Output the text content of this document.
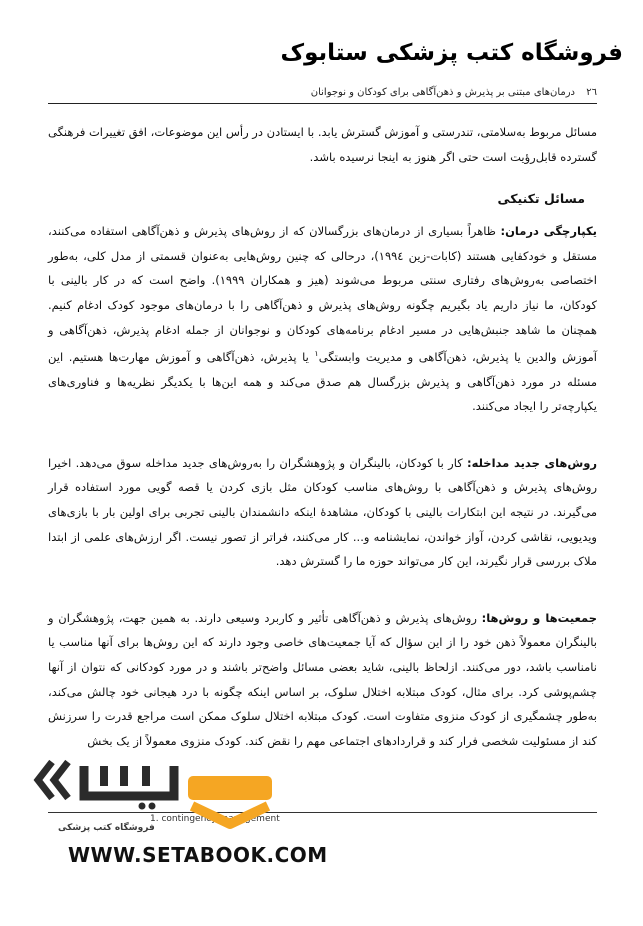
فروشگاه کتب پزشکی ستابوک
٢٦
درمان‌های مبتنی بر پذیرش و ذهن‌آگاهی برای کودکان و نوجوانان

مسائل مربوط به‌سلامتی، تندرستی و آموزش گسترش یابد. با ایستادن در رأس این موضوعات، افق تغییرات فرهنگی گسترده قابل‌رؤیت است حتی اگر هنوز به اینجا نرسیده باشد.

مسائل تکنیکی

یکپارچگی درمان: ظاهراً بسیاری از درمان‌های بزرگسالان که از روش‌های پذیرش و ذهن‌آگاهی استفاده می‌کنند، مستقل و خودکفایی هستند (کابات-زین ١٩٩٤)، درحالی که چنین روش‌هایی به‌عنوان قسمتی از مدل کلی، به‌طور اختصاصی به‌روش‌های رفتاری سنتی مربوط می‌شوند (هیز و همکاران ١٩٩٩). واضح است که در کار بالینی با کودکان، ما نیاز داریم یاد بگیریم چگونه روش‌های پذیرش و ذهن‌آگاهی را با درمان‌های موجود کودک ادغام کنیم. همچنان ما شاهد جنبش‌هایی در مسیر ادغام برنامه‌های کودکان و نوجوانان از جمله ادغام پذیرش، ذهن‌آگاهی و آموزش والدین یا پذیرش، ذهن‌آگاهی و مدیریت وابستگی$^١$ یا پذیرش، ذهن‌آگاهی و آموزش مهارت‌ها هستیم. این مسئله در مورد ذهن‌آگاهی و پذیرش بزرگسال هم صدق می‌کند و همه این‌ها با یکدیگر نظریه‌ها و فناوری‌های یکپارچه‌تر را ایجاد می‌کنند.

روش‌های جدید مداخله: کار با کودکان، بالینگران و پژوهشگران را به‌روش‌های جدید مداخله سوق می‌دهد. اخیرا روش‌های پذیرش و ذهن‌آگاهی با روش‌های مناسب کودکان مثل بازی کردن یا قصه گویی مورد استفاده قرار می‌گیرند. در نتیجه این ابتکارات بالینی با کودکان، مشاهدهٔ اینکه دانشمندان بالینی تجربی برای اولین بار با بازی‌های ویدیویی، نقاشی کردن، آواز خواندن، نمایشنامه و... کار می‌کنند، فراتر از تصور نیست. اگر ارزش‌های علمی از ابتدا ملاک بررسی قرار نگیرند، این کار می‌تواند حوزه ما را گسترش دهد.

جمعیت‌ها و روش‌ها: روش‌های پذیرش و ذهن‌آگاهی تأثیر و کاربرد وسیعی دارند. به همین جهت، پژوهشگران و بالینگران معمولاً ذهن خود را از این سؤال که آیا جمعیت‌های خاصی وجود دارند که این روش‌ها برای آنها مناسب یا نامناسب باشد، دور می‌کنند. ازلحاظ بالینی، شاید بعضی مسائل واضح‌تر باشند و در مورد کودکانی که نتوان از آنها چشم‌پوشی کرد. برای مثال، کودک مبتلابه اختلال سلوک، بر اساس اینکه چگونه با درد هیجانی خود چالش می‌کند، به‌طور چشمگیری از کودک منزوی متفاوت است. کودک مبتلابه اختلال سلوک ممکن است مراجع قدرت را سرزنش کند از مسئولیت شخصی فرار کند و قراردادهای اجتماعی مهم را نقض کند. کودک منزوی معمولاً از یک بخش

1. contingency management
فروشگاه کتب پزشکی
WWW.SETABOOK.COM
